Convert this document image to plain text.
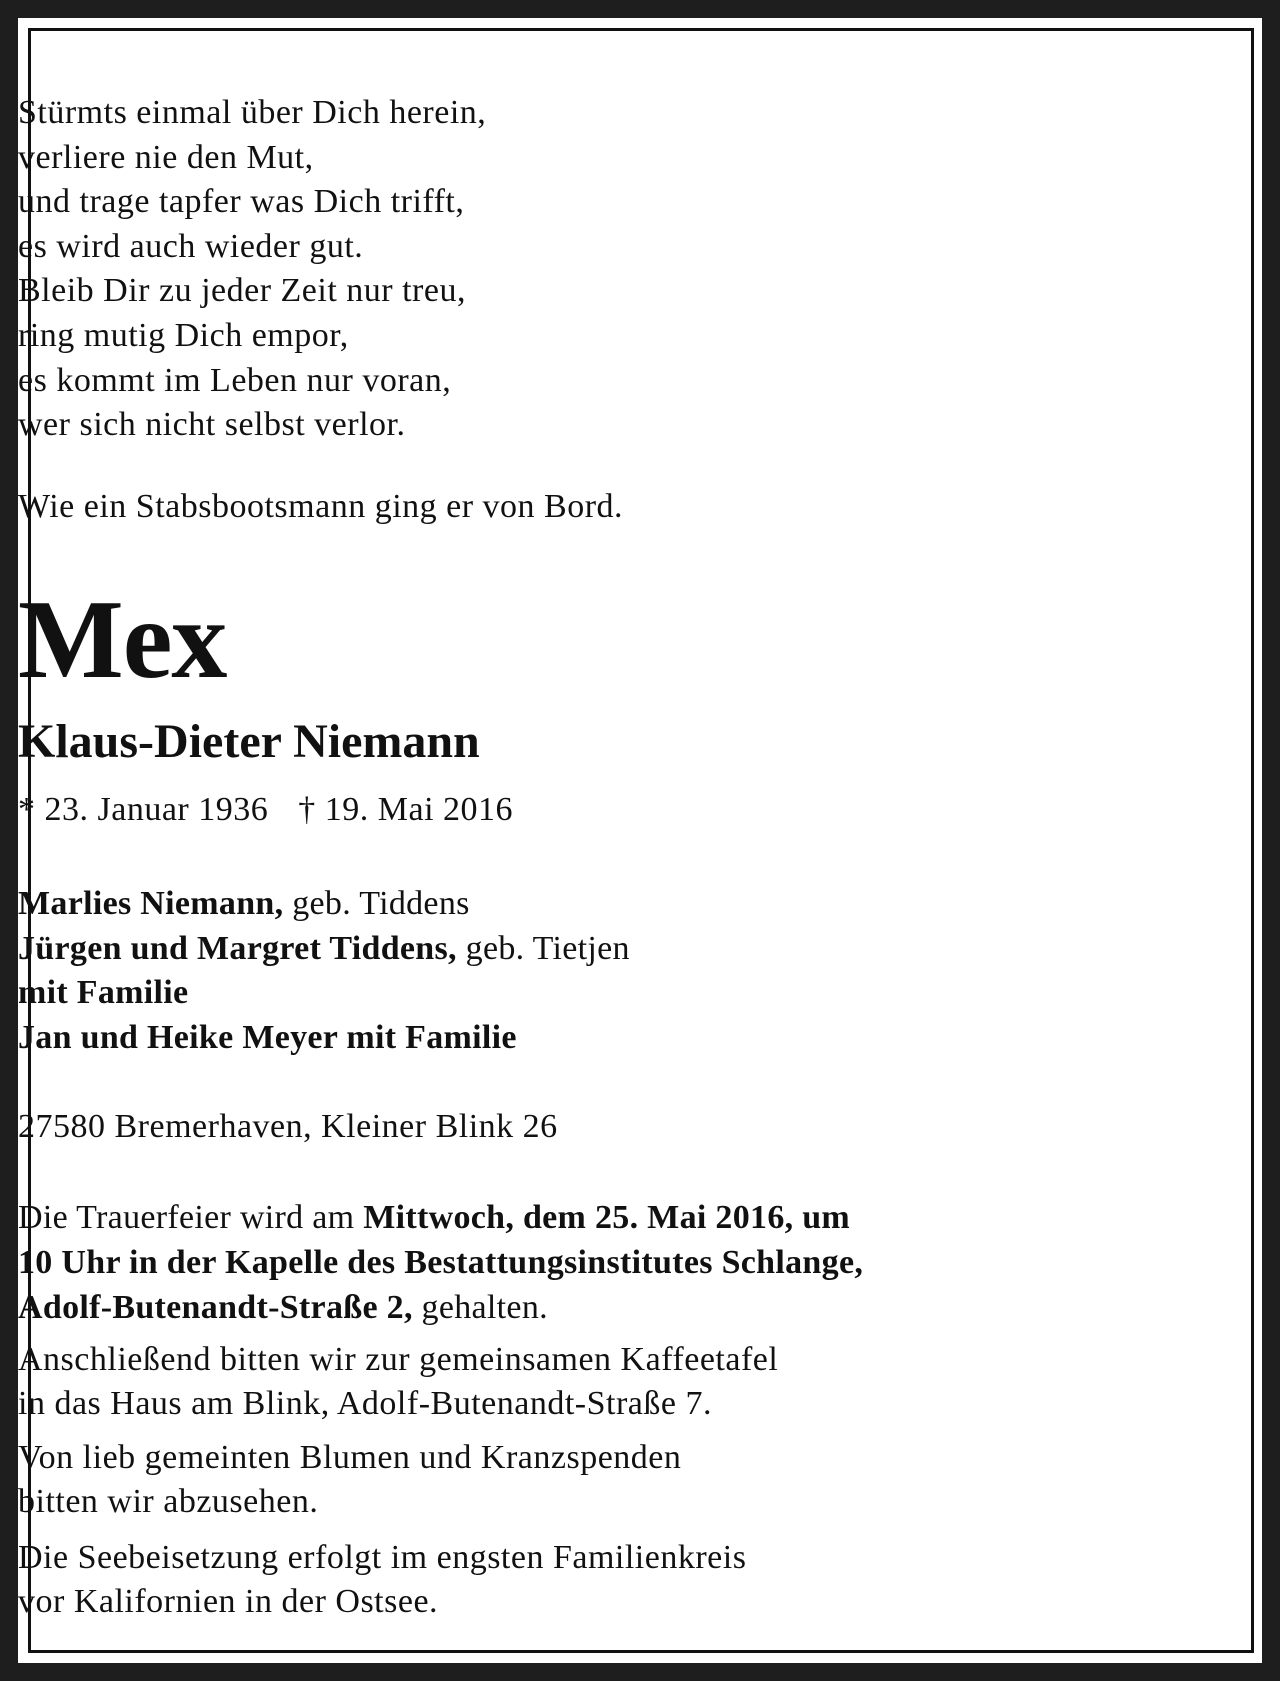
Stürmts einmal über Dich herein,
verliere nie den Mut,
und trage tapfer was Dich trifft,
es wird auch wieder gut.
Bleib Dir zu jeder Zeit nur treu,
ring mutig Dich empor,
es kommt im Leben nur voran,
wer sich nicht selbst verlor.
Wie ein Stabsbootsmann ging er von Bord.
Mex
Klaus-Dieter Niemann
* 23. Januar 1936 † 19. Mai 2016
Marlies Niemann, geb. Tiddens
Jürgen und Margret Tiddens, geb. Tietjen
mit Familie
Jan und Heike Meyer mit Familie
27580 Bremerhaven, Kleiner Blink 26
Die Trauerfeier wird am Mittwoch, dem 25. Mai 2016, um
10 Uhr in der Kapelle des Bestattungsinstitutes Schlange,
Adolf-Butenandt-Straße 2, gehalten.
Anschließend bitten wir zur gemeinsamen Kaffeetafel
in das Haus am Blink, Adolf-Butenandt-Straße 7.
Von lieb gemeinten Blumen und Kranzspenden
bitten wir abzusehen.
Die Seebeisetzung erfolgt im engsten Familienkreis
vor Kalifornien in der Ostsee.
